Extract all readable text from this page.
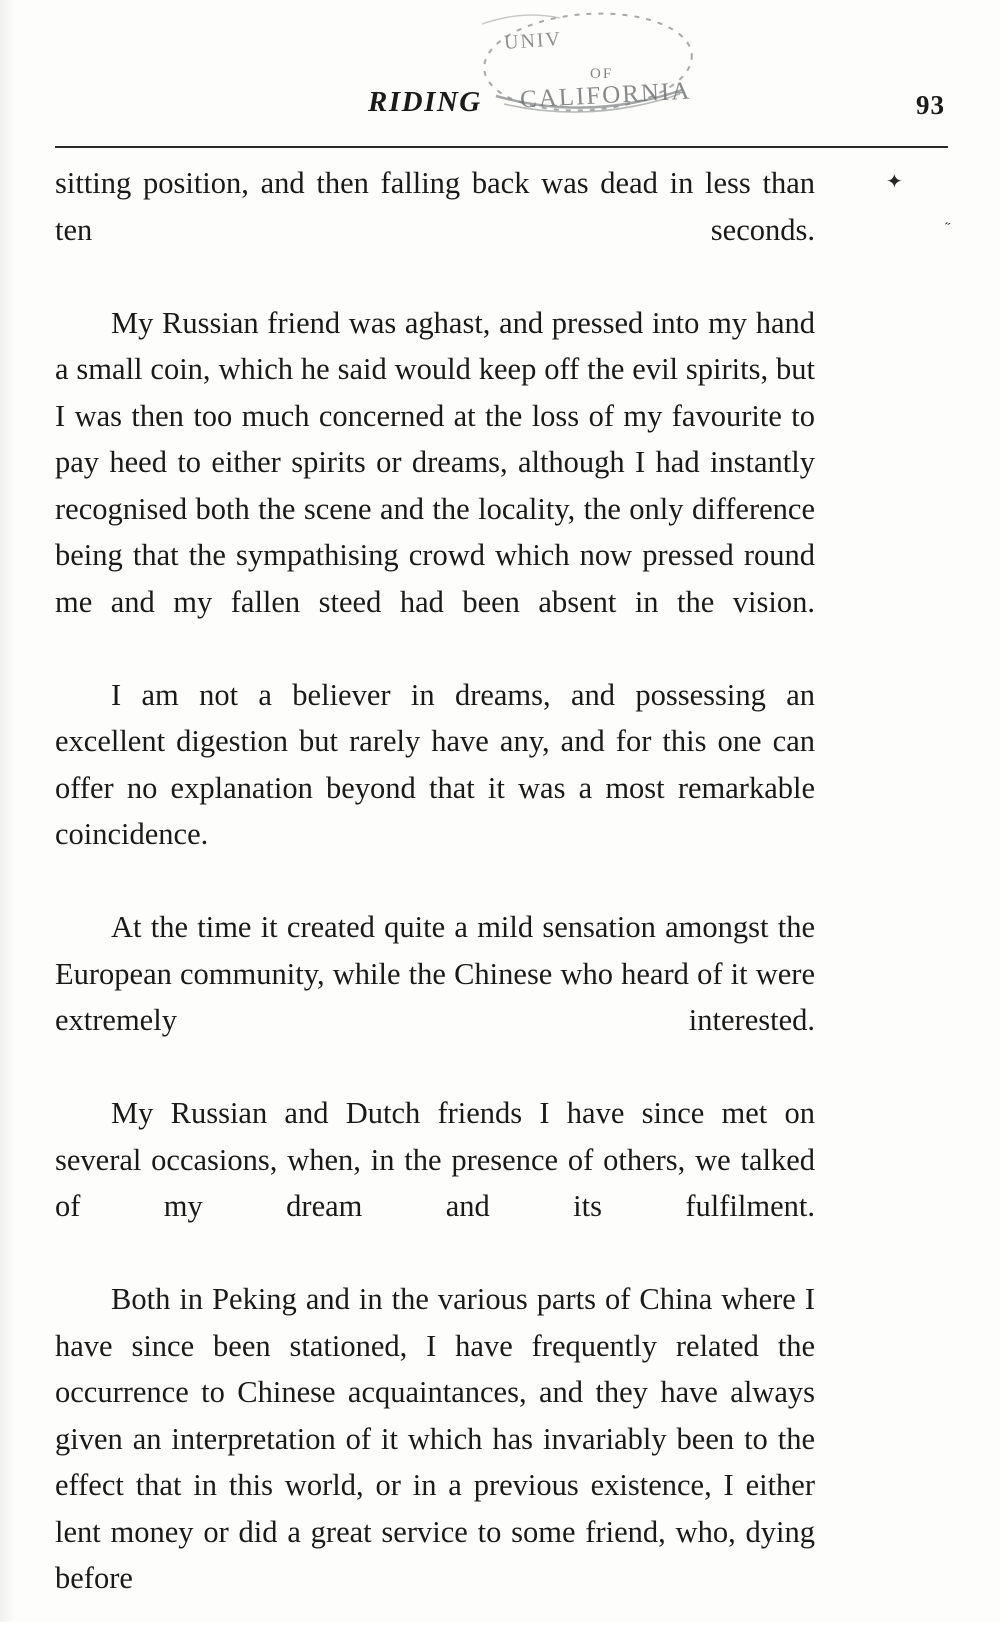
UNIV
OF
CALIFORNIA
RIDING	93
✦
˝

sitting position, and then falling back was dead in less than ten seconds.

My Russian friend was aghast, and pressed into my hand a small coin, which he said would keep off the evil spirits, but I was then too much concerned at the loss of my favourite to pay heed to either spirits or dreams, although I had instantly recognised both the scene and the locality, the only difference being that the sympathising crowd which now pressed round me and my fallen steed had been absent in the vision.

I am not a believer in dreams, and possessing an excellent digestion but rarely have any, and for this one can offer no explanation beyond that it was a most remarkable coincidence.

At the time it created quite a mild sensation amongst the European community, while the Chinese who heard of it were extremely interested.

My Russian and Dutch friends I have since met on several occasions, when, in the presence of others, we talked of my dream and its fulfilment.

Both in Peking and in the various parts of China where I have since been stationed, I have frequently related the occurrence to Chinese acquaintances, and they have always given an interpretation of it which has invariably been to the effect that in this world, or in a previous existence, I either lent money or did a great service to some friend, who, dying before
